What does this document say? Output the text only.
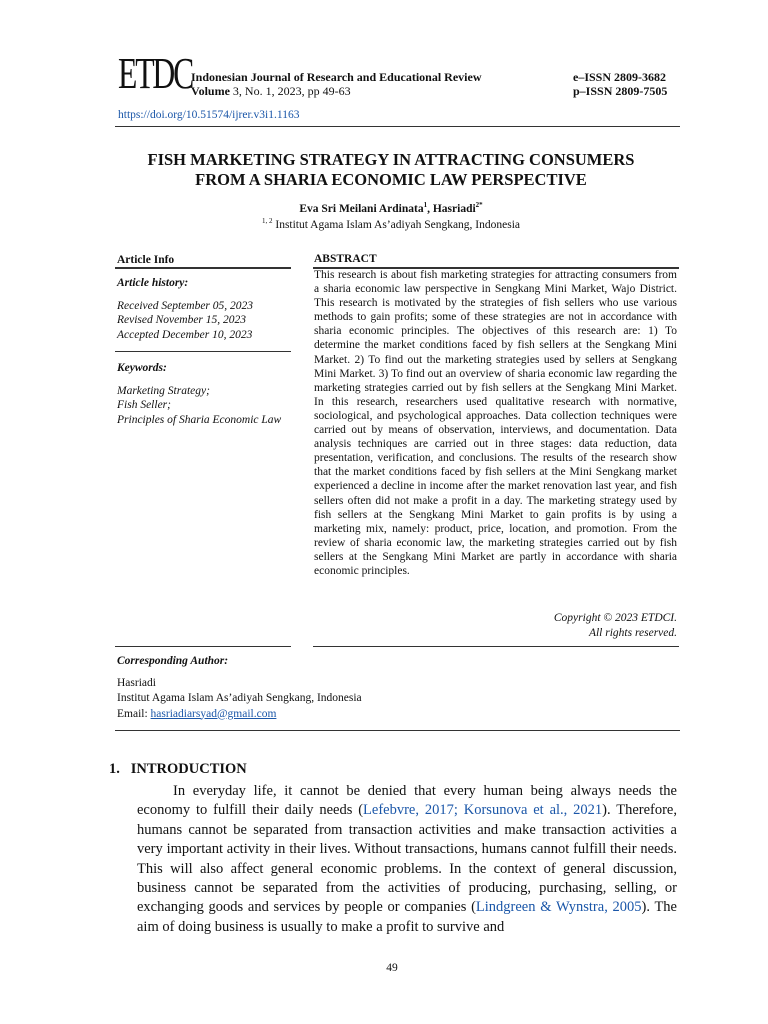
ETDC
Indonesian Journal of Research and Educational Review
Volume 3, No. 1, 2023, pp 49-63
e–ISSN 2809-3682
p–ISSN 2809-7505
https://doi.org/10.51574/ijrer.v3i1.1163
FISH MARKETING STRATEGY IN ATTRACTING CONSUMERS
FROM A SHARIA ECONOMIC LAW PERSPECTIVE
Eva Sri Meilani Ardinata$^1$, Hasriadi$^{2*}$
$^{1, 2}$ Institut Agama Islam As’adiyah Sengkang, Indonesia
Article Info
Article history:
Received September 05, 2023
Revised November 15, 2023
Accepted December 10, 2023
Keywords:
Marketing Strategy;
Fish Seller;
Principles of Sharia Economic Law
ABSTRACT
This research is about fish marketing strategies for attracting consumers from a sharia economic law perspective in Sengkang Mini Market, Wajo District. This research is motivated by the strategies of fish sellers who use various methods to gain profits; some of these strategies are not in accordance with sharia economic principles. The objectives of this research are: 1) To determine the market conditions faced by fish sellers at the Sengkang Mini Market. 2) To find out the marketing strategies used by sellers at Sengkang Mini Market. 3) To find out an overview of sharia economic law regarding the marketing strategies carried out by fish sellers at the Sengkang Mini Market. In this research, researchers used qualitative research with normative, sociological, and psychological approaches. Data collection techniques were carried out by means of observation, interviews, and documentation. Data analysis techniques are carried out in three stages: data reduction, data presentation, verification, and conclusions. The results of the research show that the market conditions faced by fish sellers at the Mini Sengkang market experienced a decline in income after the market renovation last year, and fish sellers often did not make a profit in a day. The marketing strategy used by fish sellers at the Sengkang Mini Market to gain profits is by using a marketing mix, namely: product, price, location, and promotion. From the review of sharia economic law, the marketing strategies carried out by fish sellers at the Sengkang Mini Market are partly in accordance with sharia economic principles.
Copyright © 2023 ETDCI.
All rights reserved.
Corresponding Author:
Hasriadi
Institut Agama Islam As’adiyah Sengkang, Indonesia
Email: hasriadiarsyad@gmail.com
1.   INTRODUCTION
In everyday life, it cannot be denied that every human being always needs the economy to fulfill their daily needs (Lefebvre, 2017; Korsunova et al., 2021). Therefore, humans cannot be separated from transaction activities and make transaction activities a very important activity in their lives. Without transactions, humans cannot fulfill their needs. This will also affect general economic problems. In the context of general discussion, business cannot be separated from the activities of producing, purchasing, selling, or exchanging goods and services by people or companies (Lindgreen & Wynstra, 2005). The aim of doing business is usually to make a profit to survive and
49
